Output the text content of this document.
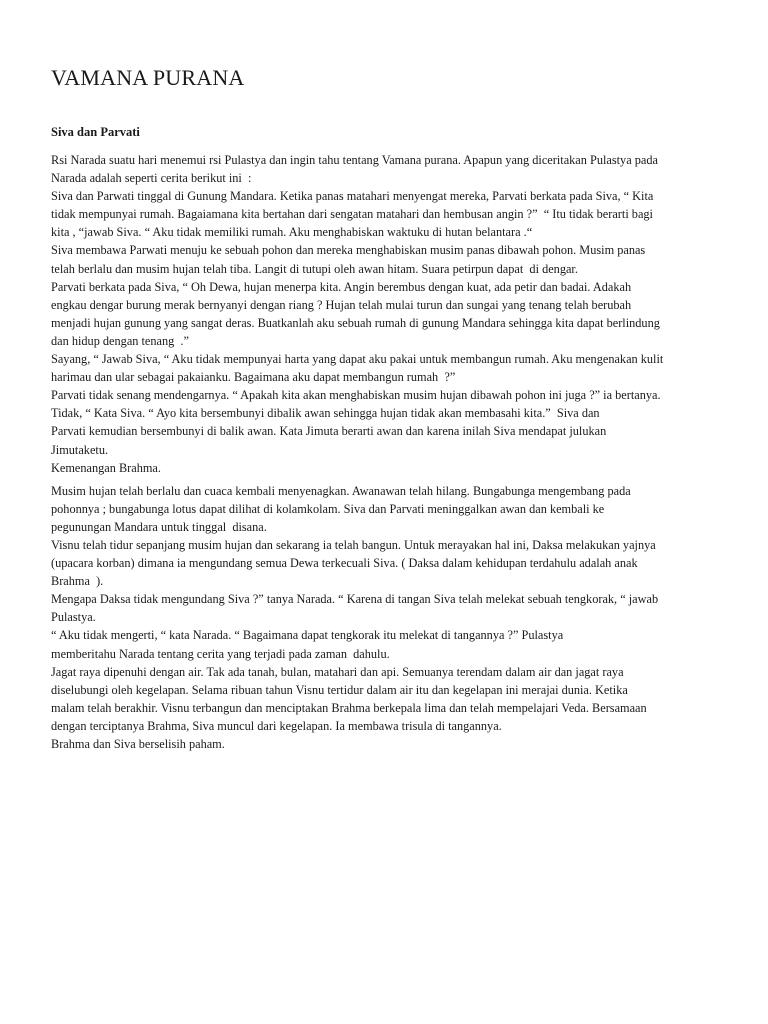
VAMANA PURANA
Siva dan Parvati

Rsi Narada suatu hari menemui rsi Pulastya dan ingin tahu tentang Vamana purana. Apapun yang diceritakan Pulastya pada
Narada adalah seperti cerita berikut ini  :

Siva dan Parwati tinggal di Gunung Mandara. Ketika panas matahari menyengat mereka, Parvati berkata pada Siva, “ Kita
tidak mempunyai rumah. Bagaiamana kita bertahan dari sengatan matahari dan hembusan angin ?”  “ Itu tidak berarti bagi
kita , “jawab Siva. “ Aku tidak memiliki rumah. Aku menghabiskan waktuku di hutan belantara .“

Siva membawa Parwati menuju ke sebuah pohon dan mereka menghabiskan musim panas dibawah pohon. Musim panas
telah berlalu dan musim hujan telah tiba. Langit di tutupi oleh awan hitam. Suara petirpun dapat  di dengar.

Parvati berkata pada Siva, “ Oh Dewa, hujan menerpa kita. Angin berembus dengan kuat, ada petir dan badai. Adakah
engkau dengar burung merak bernyanyi dengan riang ? Hujan telah mulai turun dan sungai yang tenang telah berubah
menjadi hujan gunung yang sangat deras. Buatkanlah aku sebuah rumah di gunung Mandara sehingga kita dapat berlindung
dan hidup dengan tenang  .”

Sayang, “ Jawab Siva, “ Aku tidak mempunyai harta yang dapat aku pakai untuk membangun rumah. Aku mengenakan kulit
harimau dan ular sebagai pakaianku. Bagaimana aku dapat membangun rumah  ?”

Parvati tidak senang mendengarnya. “ Apakah kita akan menghabiskan musim hujan dibawah pohon ini juga ?” ia bertanya.

Tidak, “ Kata Siva. “ Ayo kita bersembunyi dibalik awan sehingga hujan tidak akan membasahi kita.”  Siva dan
Parvati kemudian bersembunyi di balik awan. Kata Jimuta berarti awan dan karena inilah Siva mendapat julukan
Jimutaketu.

Kemenangan Brahma.

Musim hujan telah berlalu dan cuaca kembali menyenagkan. Awanawan telah hilang. Bungabunga mengembang pada
pohonnya ; bungabunga lotus dapat dilihat di kolamkolam. Siva dan Parvati meninggalkan awan dan kembali ke
pegunungan Mandara untuk tinggal  disana.

Visnu telah tidur sepanjang musim hujan dan sekarang ia telah bangun. Untuk merayakan hal ini, Daksa melakukan yajnya
(upacara korban) dimana ia mengundang semua Dewa terkecuali Siva. ( Daksa dalam kehidupan terdahulu adalah anak
Brahma  ).

Mengapa Daksa tidak mengundang Siva ?” tanya Narada. “ Karena di tangan Siva telah melekat sebuah tengkorak, “ jawab
Pulastya.

“ Aku tidak mengerti, “ kata Narada. “ Bagaimana dapat tengkorak itu melekat di tangannya ?” Pulastya
memberitahu Narada tentang cerita yang terjadi pada zaman  dahulu.

Jagat raya dipenuhi dengan air. Tak ada tanah, bulan, matahari dan api. Semuanya terendam dalam air dan jagat raya
diselubungi oleh kegelapan. Selama ribuan tahun Visnu tertidur dalam air itu dan kegelapan ini merajai dunia. Ketika
malam telah berakhir. Visnu terbangun dan menciptakan Brahma berkepala lima dan telah mempelajari Veda. Bersamaan
dengan terciptanya Brahma, Siva muncul dari kegelapan. Ia membawa trisula di tangannya.

Brahma dan Siva berselisih paham.
